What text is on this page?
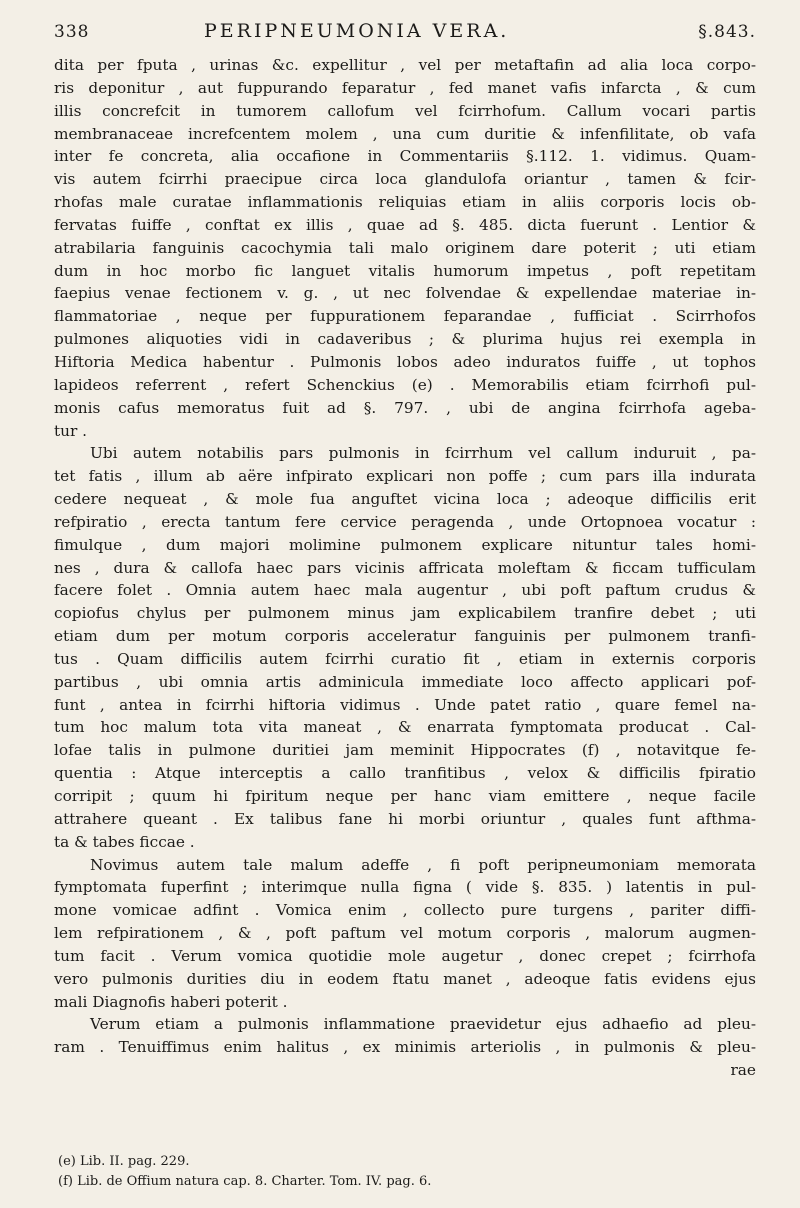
338	PERIPNEUMONIA VERA.	§.843.
dita per fputa , urinas &c. expellitur , vel per metaftafin ad alia loca corpo-
ris deponitur , aut fuppurando feparatur , fed manet vafis infarcta , & cum
illis concrefcit in tumorem callofum vel fcirrhofum. Callum vocari partis
membranaceae increfcentem molem , una cum duritie & infenfilitate, ob vafa
inter fe concreta, alia occafione in Commentariis §.112. 1. vidimus. Quam-
vis autem fcirrhi praecipue circa loca glandulofa oriantur , tamen & fcir-
rhofas male curatae inflammationis reliquias etiam in aliis corporis locis ob-
fervatas fuiffe , conftat ex illis , quae ad §. 485. dicta fuerunt . Lentior &
atrabilaria fanguinis cacochymia tali malo originem dare poterit ; uti etiam
dum in hoc morbo fic languet vitalis humorum impetus , poft repetitam
faepius venae fectionem v. g. , ut nec folvendae & expellendae materiae in-
flammatoriae , neque per fuppurationem feparandae , fufficiat . Scirrhofos
pulmones aliquoties vidi in cadaveribus ; & plurima hujus rei exempla in
Hiftoria Medica habentur . Pulmonis lobos adeo induratos fuiffe , ut tophos
lapideos referrent , refert Schenckius (e) . Memorabilis etiam fcirrhofi pul-
monis cafus memoratus fuit ad §. 797. , ubi de angina fcirrhofa ageba-
tur .
Ubi autem notabilis pars pulmonis in fcirrhum vel callum induruit , pa-
tet fatis , illum ab aëre infpirato explicari non poffe ; cum pars illa indurata
cedere nequeat , & mole fua anguftet vicina loca ; adeoque difficilis erit
refpiratio , erecta tantum fere cervice peragenda , unde Ortopnoea vocatur :
fimulque , dum majori molimine pulmonem explicare nituntur tales homi-
nes , dura & callofa haec pars vicinis affricata moleftam & ficcam tufficulam
facere folet . Omnia autem haec mala augentur , ubi poft paftum crudus &
copiofus chylus per pulmonem minus jam explicabilem tranfire debet ; uti
etiam dum per motum corporis acceleratur fanguinis per pulmonem tranfi-
tus . Quam difficilis autem fcirrhi curatio fit , etiam in externis corporis
partibus , ubi omnia artis adminicula immediate loco affecto applicari pof-
funt , antea in fcirrhi hiftoria vidimus . Unde patet ratio , quare femel na-
tum hoc malum tota vita maneat , & enarrata fymptomata producat . Cal-
lofae talis in pulmone duritiei jam meminit Hippocrates (f) , notavitque fe-
quentia : Atque interceptis a callo tranfitibus , velox & difficilis fpiratio
corripit ; quum hi fpiritum neque per hanc viam emittere , neque facile
attrahere queant . Ex talibus fane hi morbi oriuntur , quales funt afthma-
ta & tabes ficcae .
Novimus autem tale malum adeffe , fi poft peripneumoniam memorata
fymptomata fuperfint ; interimque nulla figna ( vide §. 835. ) latentis in pul-
mone vomicae adfint . Vomica enim , collecto pure turgens , pariter diffi-
lem refpirationem , & , poft paftum vel motum corporis , malorum augmen-
tum facit . Verum vomica quotidie mole augetur , donec crepet ; fcirrhofa
vero pulmonis durities diu in eodem ftatu manet , adeoque fatis evidens ejus
mali Diagnofis haberi poterit .
Verum etiam a pulmonis inflammatione praevidetur ejus adhaefio ad pleu-
ram . Tenuiffimus enim halitus , ex minimis arteriolis , in pulmonis & pleu-
rae
(e) Lib. II. pag. 229.
(f) Lib. de Offium natura cap. 8. Charter. Tom. IV. pag. 6.
